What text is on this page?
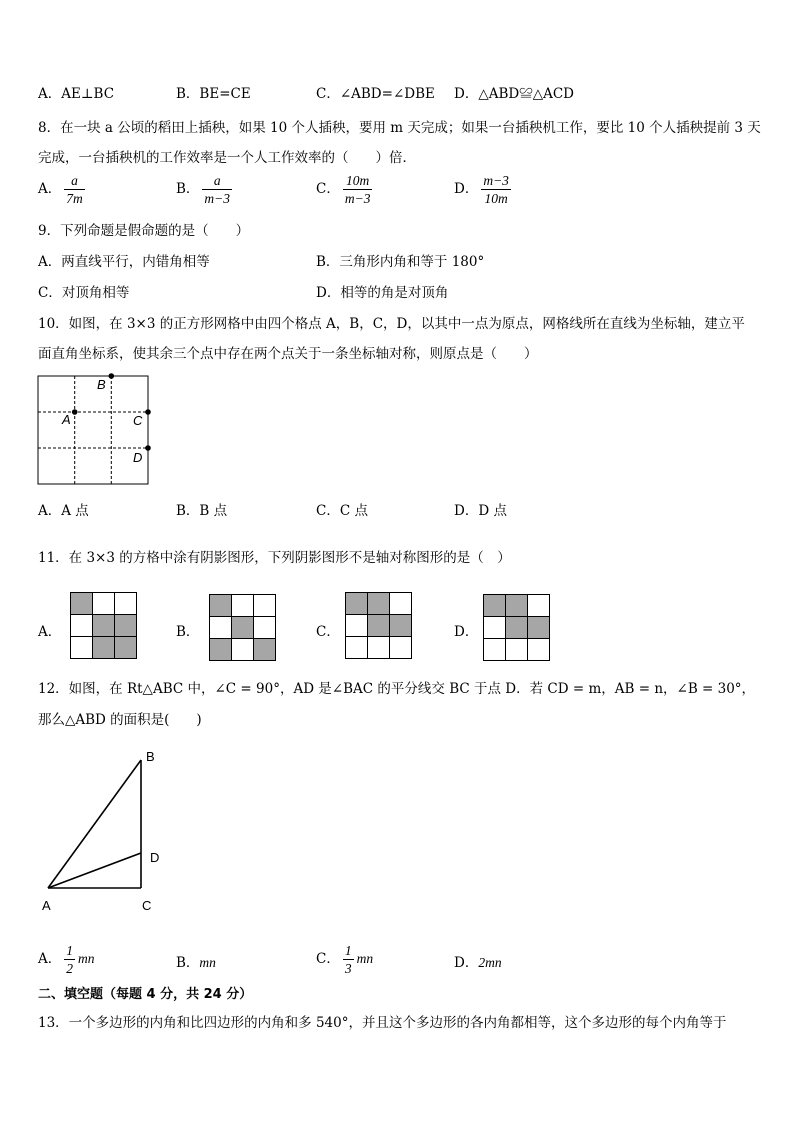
A．AE⊥BC	B．BE=CE	C．∠ABD=∠DBE D．△ABD≌△ACD
8．在一块 a 公顷的稻田上插秧，如果 10 个人插秧，要用 m 天完成；如果一台插秧机工作，要比 10 个人插秧提前 3 天
完成，一台插秧机的工作效率是一个人工作效率的（　　）倍．
A． $\frac{a}{7m}$	B． $\frac{a}{m-3}$	C． $\frac{10m}{m-3}$	D． $\frac{m-3}{10m}$
9．下列命题是假命题的是（　　）
A．两直线平行，内错角相等	B．三角形内角和等于 180°
C．对顶角相等	D．相等的角是对顶角
10．如图，在 3×3 的正方形网格中由四个格点 A，B，C，D，以其中一点为原点，网格线所在直线为坐标轴，建立平
面直角坐标系，使其余三个点中存在两个点关于一条坐标轴对称，则原点是（　　）
B
A	C
D
A．A 点	B．B 点	C．C 点	D．D 点
11．在 3×3 的方格中涂有阴影图形，下列阴影图形不是轴对称图形的是（　）
A．

			B．

			C．

			D．

12．如图，在 Rt△ABC 中，∠C = 90°，AD 是∠BAC 的平分线交 BC 于点 D．若 CD = m，AB = n，∠B = 30°，
那么△ABD 的面积是(　　)
B
D
A	C
A． $\frac{1}{2}$ mn	B．mn	C． $\frac{1}{3}$ mn	D．2mn
二、填空题（每题 4 分，共 24 分）
13．一个多边形的内角和比四边形的内角和多 540°，并且这个多边形的各内角都相等，这个多边形的每个内角等于
